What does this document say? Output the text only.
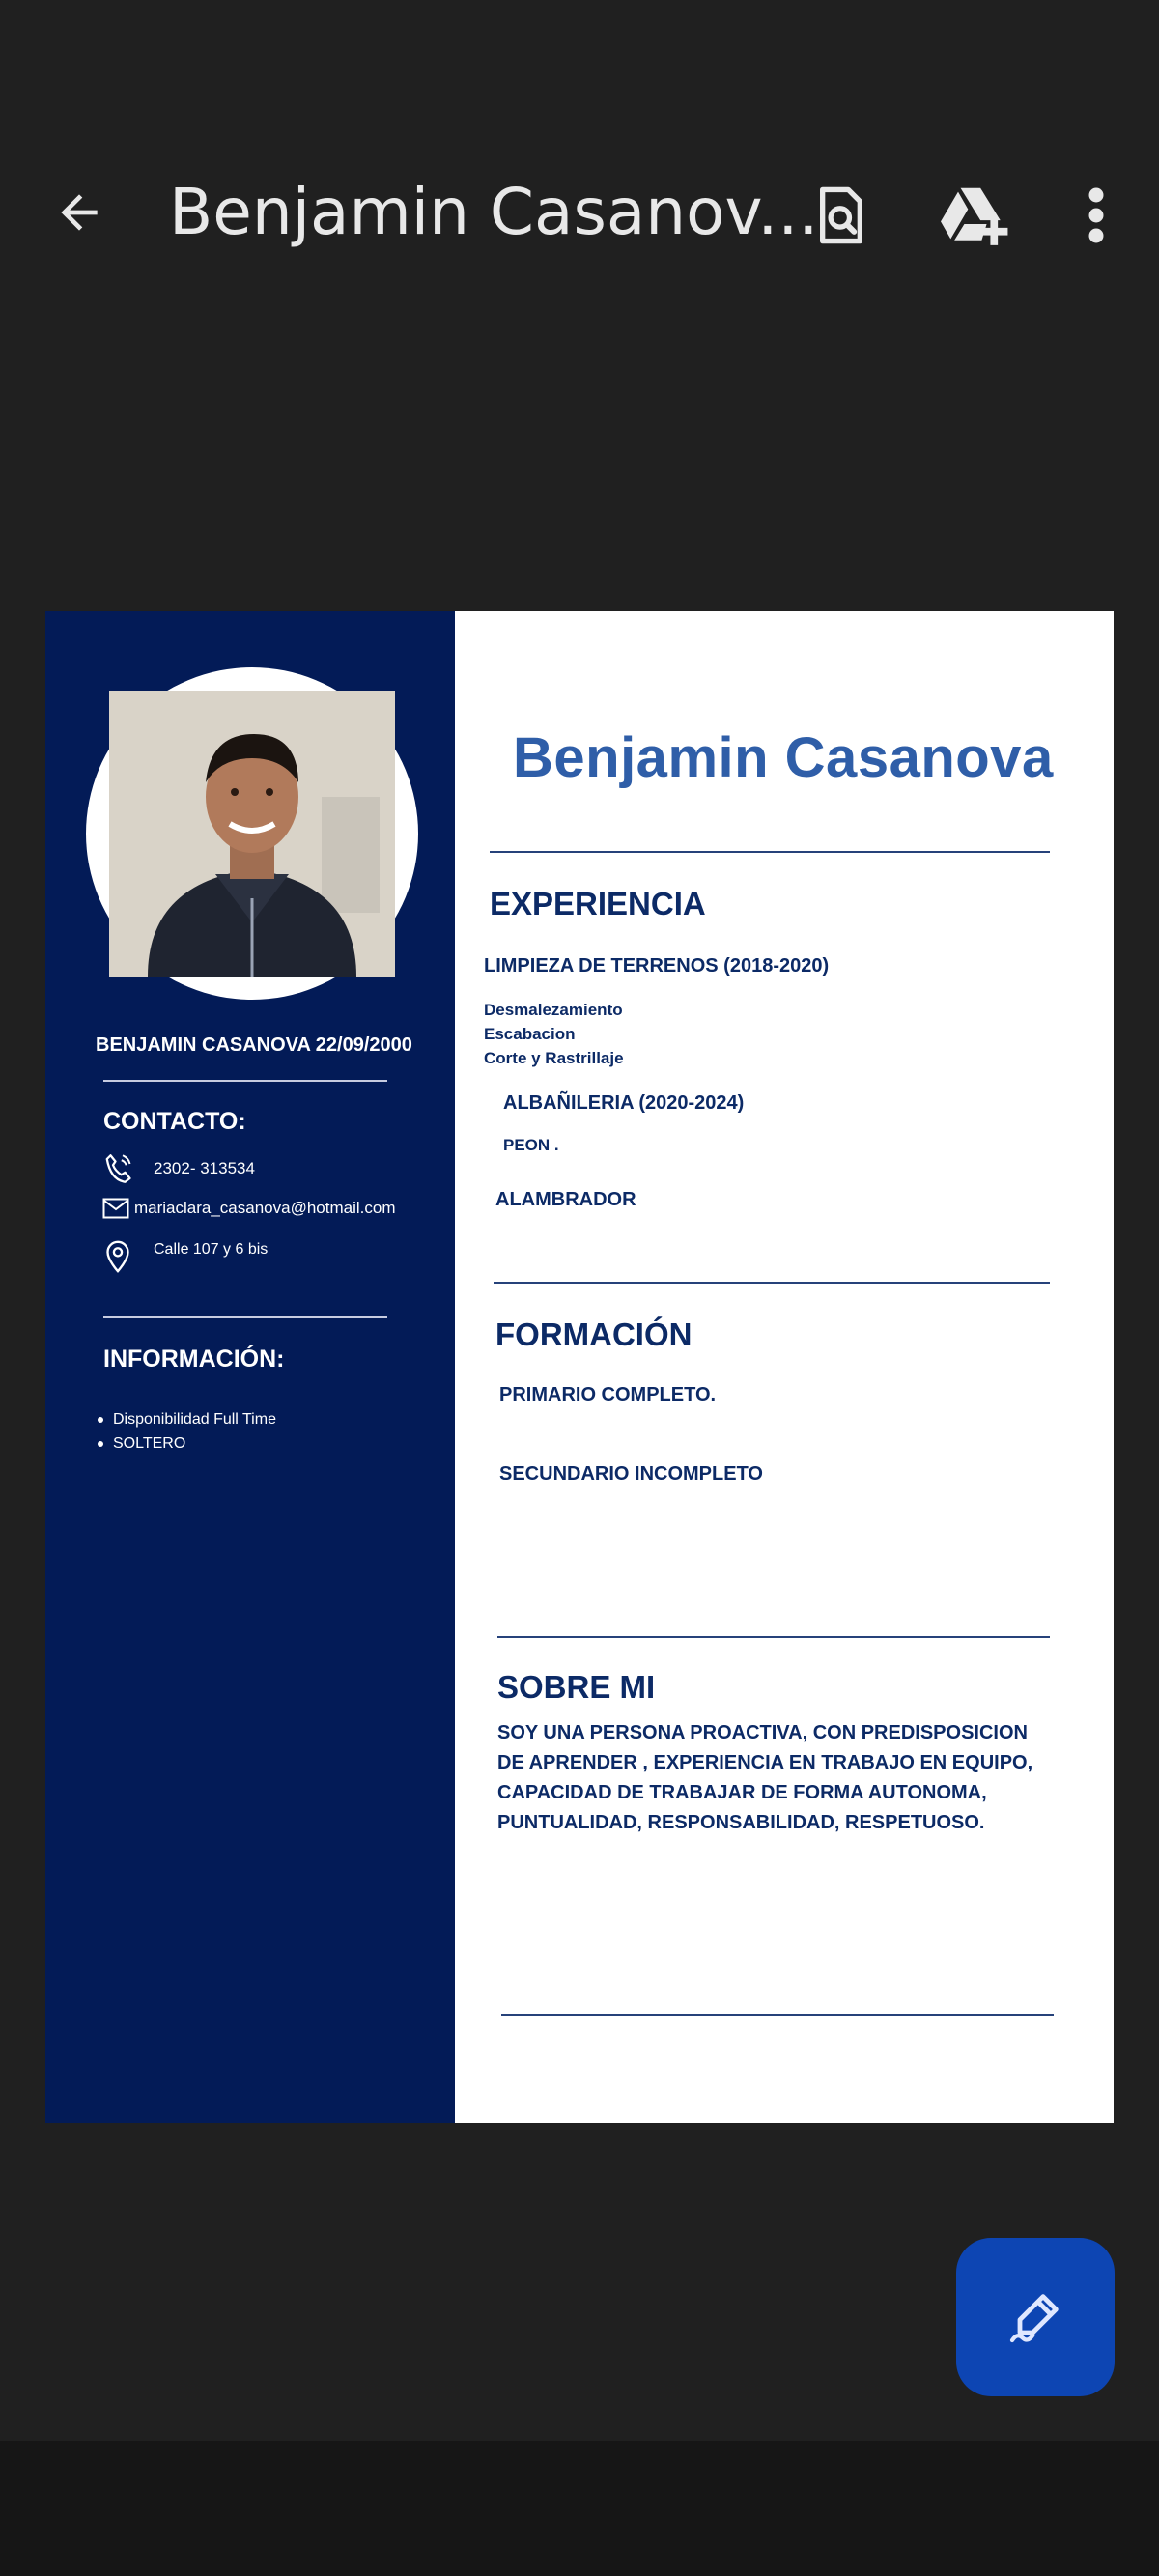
Benjamin Casanov...
BENJAMIN CASANOVA 22/09/2000
CONTACTO:
2302- 313534
mariaclara_casanova@hotmail.com
Calle 107 y 6 bis
INFORMACIÓN:
Disponibilidad Full Time
SOLTERO
Benjamin Casanova
EXPERIENCIA
LIMPIEZA DE TERRENOS (2018-2020)
Desmalezamiento
Escabacion
Corte y Rastrillaje
ALBAÑILERIA (2020-2024)
PEON .
ALAMBRADOR
FORMACIÓN
PRIMARIO COMPLETO.
SECUNDARIO INCOMPLETO
SOBRE MI
SOY UNA PERSONA PROACTIVA, CON PREDISPOSICION DE APRENDER , EXPERIENCIA EN TRABAJO EN EQUIPO, CAPACIDAD DE TRABAJAR DE FORMA AUTONOMA, PUNTUALIDAD, RESPONSABILIDAD, RESPETUOSO.
